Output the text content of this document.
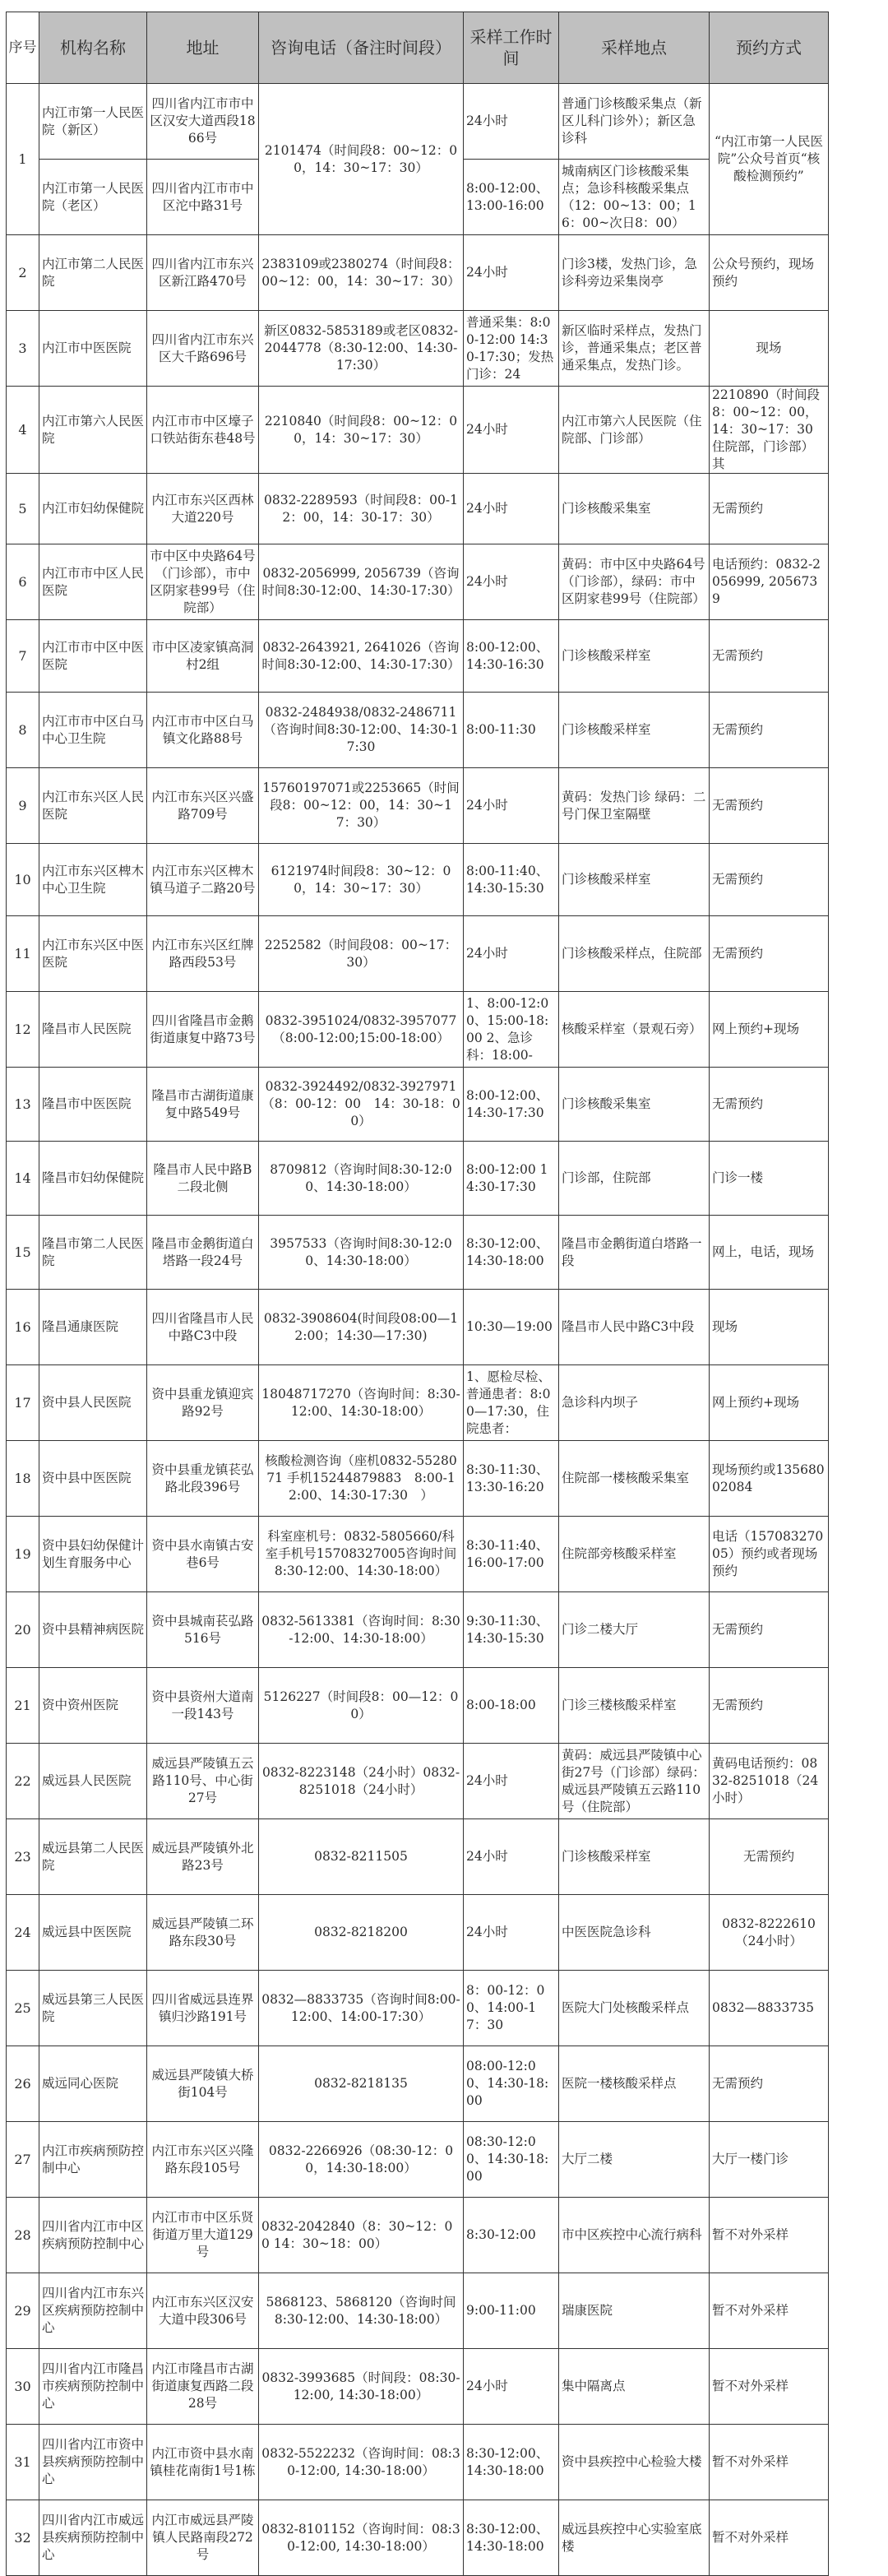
序号	机构名称	地址	咨询电话（备注时间段）	采样工作时间	采样地点	预约方式
1	内江市第一人民医院（新区）	四川省内江市市中区汉安大道西段1866号	2101474（时间段8：00~12：00，14：30~17：30）	24小时	普通门诊核酸采集点（新区儿科门诊外）；新区急诊科	“内江市第一人民医院”公众号首页“核酸检测预约”
	内江市第一人民医院（老区）	四川省内江市市中区沱中路31号		8:00-12:00、13:00-16:00	城南病区门诊核酸采集点；急诊科核酸采集点（12：00~13：00；16：00~次日8：00）	
2	内江市第二人民医院	四川省内江市东兴区新江路470号	2383109或2380274（时间段8：00~12：00，14：30~17：30）	24小时	门诊3楼，发热门诊，急诊科旁边采集岗亭	公众号预约，现场预约
3	内江市中医医院	四川省内江市东兴区大千路696号	新区0832-5853189或老区0832-2044778（8:30-12:00、14:30-17:30）	普通采集：8:00-12:00 14:30-17:30；发热门诊：24	新区临时采样点，发热门诊，普通采集点；老区普通采集点，发热门诊。	现场
4	内江市第六人民医院	内江市市中区壕子口铁站街东巷48号	2210840（时间段8：00~12：00，14：30~17：30）	24小时	内江市第六人民医院（住院部、门诊部）	2210890（时间段8：00~12：00，14：30~17：30住院部，门诊部）其
5	内江市妇幼保健院	内江市东兴区西林大道220号	0832-2289593（时间段8：00-12：00，14：30-17：30）	24小时	门诊核酸采集室	无需预约
6	内江市市中区人民医院	市中区中央路64号（门诊部），市中区阴家巷99号（住院部）	0832-2056999, 2056739（咨询时间8:30-12:00、14:30-17:30）	24小时	黄码：市中区中央路64号（门诊部），绿码：市中区阴家巷99号（住院部）	电话预约：0832-2056999, 2056739
7	内江市市中区中医医院	市中区凌家镇高洞村2组	0832-2643921, 2641026（咨询时间8:30-12:00、14:30-17:30）	8:00-12:00、14:30-16:30	门诊核酸采样室	无需预约
8	内江市市中区白马中心卫生院	内江市市中区白马镇文化路88号	0832-2484938/0832-2486711（咨询时间8:30-12:00、14:30-17:30	8:00-11:30	门诊核酸采样室	无需预约
9	内江市东兴区人民医院	内江市东兴区兴盛路709号	15760197071或2253665（时间段8：00~12：00，14：30~17：30）	24小时	黄码：发热门诊 绿码：二号门保卫室隔壁	无需预约
10	内江市东兴区椑木中心卫生院	内江市东兴区椑木镇马道子二路20号	6121974时间段8：30~12：00，14：30~17：30）	8:00-11:40、14:30-15:30	门诊核酸采样室	无需预约
11	内江市东兴区中医医院	内江市东兴区红牌路西段53号	2252582（时间段08：00~17：30）	24小时	门诊核酸采样点，住院部	无需预约
12	隆昌市人民医院	四川省隆昌市金鹅街道康复中路73号	0832-3951024/0832-3957077（8:00-12:00;15:00-18:00）	1、8:00-12:00、15:00-18:00 2、急诊科：18:00-	核酸采样室（景观石旁）	网上预约+现场
13	隆昌市中医医院	隆昌市古湖街道康复中路549号	0832-3924492/0832-3927971（8：00-12：00　14：30-18：00）	8:00-12:00、14:30-17:30	门诊核酸采集室	无需预约
14	隆昌市妇幼保健院	隆昌市人民中路B二段北侧	8709812（咨询时间8:30-12:00、14:30-18:00）	8:00-12:00 14:30-17:30	门诊部，住院部	门诊一楼
15	隆昌市第二人民医院	隆昌市金鹅街道白塔路一段24号	3957533（咨询时间8:30-12:00、14:30-18:00）	8:30-12:00、14:30-18:00	隆昌市金鹅街道白塔路一段	网上，电话，现场
16	隆昌通康医院	四川省隆昌市人民中路C3中段	0832-3908604(时间段08:00—12:00；14:30—17:30)	10:30—19:00	隆昌市人民中路C3中段	现场
17	资中县人民医院	资中县重龙镇迎宾路92号	18048717270（咨询时间：8:30-12:00、14:30-18:00）	1、愿检尽检、普通患者：8:00—17:30，住院患者：	急诊科内坝子	网上预约+现场
18	资中县中医医院	资中县重龙镇苌弘路北段396号	核酸检测咨询（座机0832-5528071 手机15244879883　8:00-12:00、14:30-17:30　）	8:30-11:30、13:30-16:20	住院部一楼核酸采集室	现场预约或13568002084
19	资中县妇幼保健计划生育服务中心	资中县水南镇古安巷6号	科室座机号：0832-5805660/科室手机号15708327005咨询时间8:30-12:00、14:30-18:00）	8:30-11:40、16:00-17:00	住院部旁核酸采样室	电话（15708327005）预约或者现场预约
20	资中县精神病医院	资中县城南苌弘路516号	0832-5613381（咨询时间：8:30-12:00、14:30-18:00）	9:30-11:30、14:30-15:30	门诊二楼大厅	无需预约
21	资中资州医院	资中县资州大道南一段143号	5126227（时间段8：00—12：00）	8:00-18:00	门诊三楼核酸采样室	无需预约
22	威远县人民医院	威远县严陵镇五云路110号、中心街27号	0832-8223148（24小时）0832-8251018（24小时）	24小时	黄码：威远县严陵镇中心街27号（门诊部）绿码：威远县严陵镇五云路110号（住院部）	黄码电话预约：0832-8251018（24小时）
23	威远县第二人民医院	威远县严陵镇外北路23号	0832-8211505	24小时	门诊核酸采样室	无需预约
24	威远县中医医院	威远县严陵镇二环路东段30号	0832-8218200	24小时	中医医院急诊科	0832-8222610（24小时）
25	威远县第三人民医院	四川省威远县连界镇归沙路191号	0832—8833735（咨询时间8:00-12:00、14:00-17:30）	8：00-12：00、14:00-17：30	医院大门处核酸采样点	0832—8833735
26	威远同心医院	威远县严陵镇大桥街104号	0832-8218135	08:00-12:00、14:30-18:00	医院一楼核酸采样点	无需预约
27	内江市疾病预防控制中心	内江市东兴区兴隆路东段105号	0832-2266926（08:30-12：00，14:30-18:00）	08:30-12:00、14:30-18:00	大厅二楼	大厅一楼门诊
28	四川省内江市中区疾病预防控制中心	内江市市中区乐贤街道万里大道129号	0832-2042840（8：30~12：00 14：30~18：00）	8:30-12:00	市中区疾控中心流行病科	暂不对外采样
29	四川省内江市东兴区疾病预防控制中心	内江市东兴区汉安大道中段306号	5868123、5868120（咨询时间8:30-12:00、14:30-18:00）	9:00-11:00	瑞康医院	暂不对外采样
30	四川省内江市隆昌市疾病预防控制中心	内江市隆昌市古湖街道康复西路二段28号	0832-3993685（时间段：08:30-12:00, 14:30-18:00）	24小时	集中隔离点	暂不对外采样
31	四川省内江市资中县疾病预防控制中心	内江市资中县水南镇桂花南街1号1栋	0832-5522232（咨询时间：08:30-12:00, 14:30-18:00）	8:30-12:00、14:30-18:00	资中县疾控中心检验大楼	暂不对外采样
32	四川省内江市威远县疾病预防控制中心	内江市威远县严陵镇人民路南段272号	0832-8101152（咨询时间：08:30-12:00, 14:30-18:00）	8:30-12:00、14:30-18:00	威远县疾控中心实验室底楼	暂不对外采样
